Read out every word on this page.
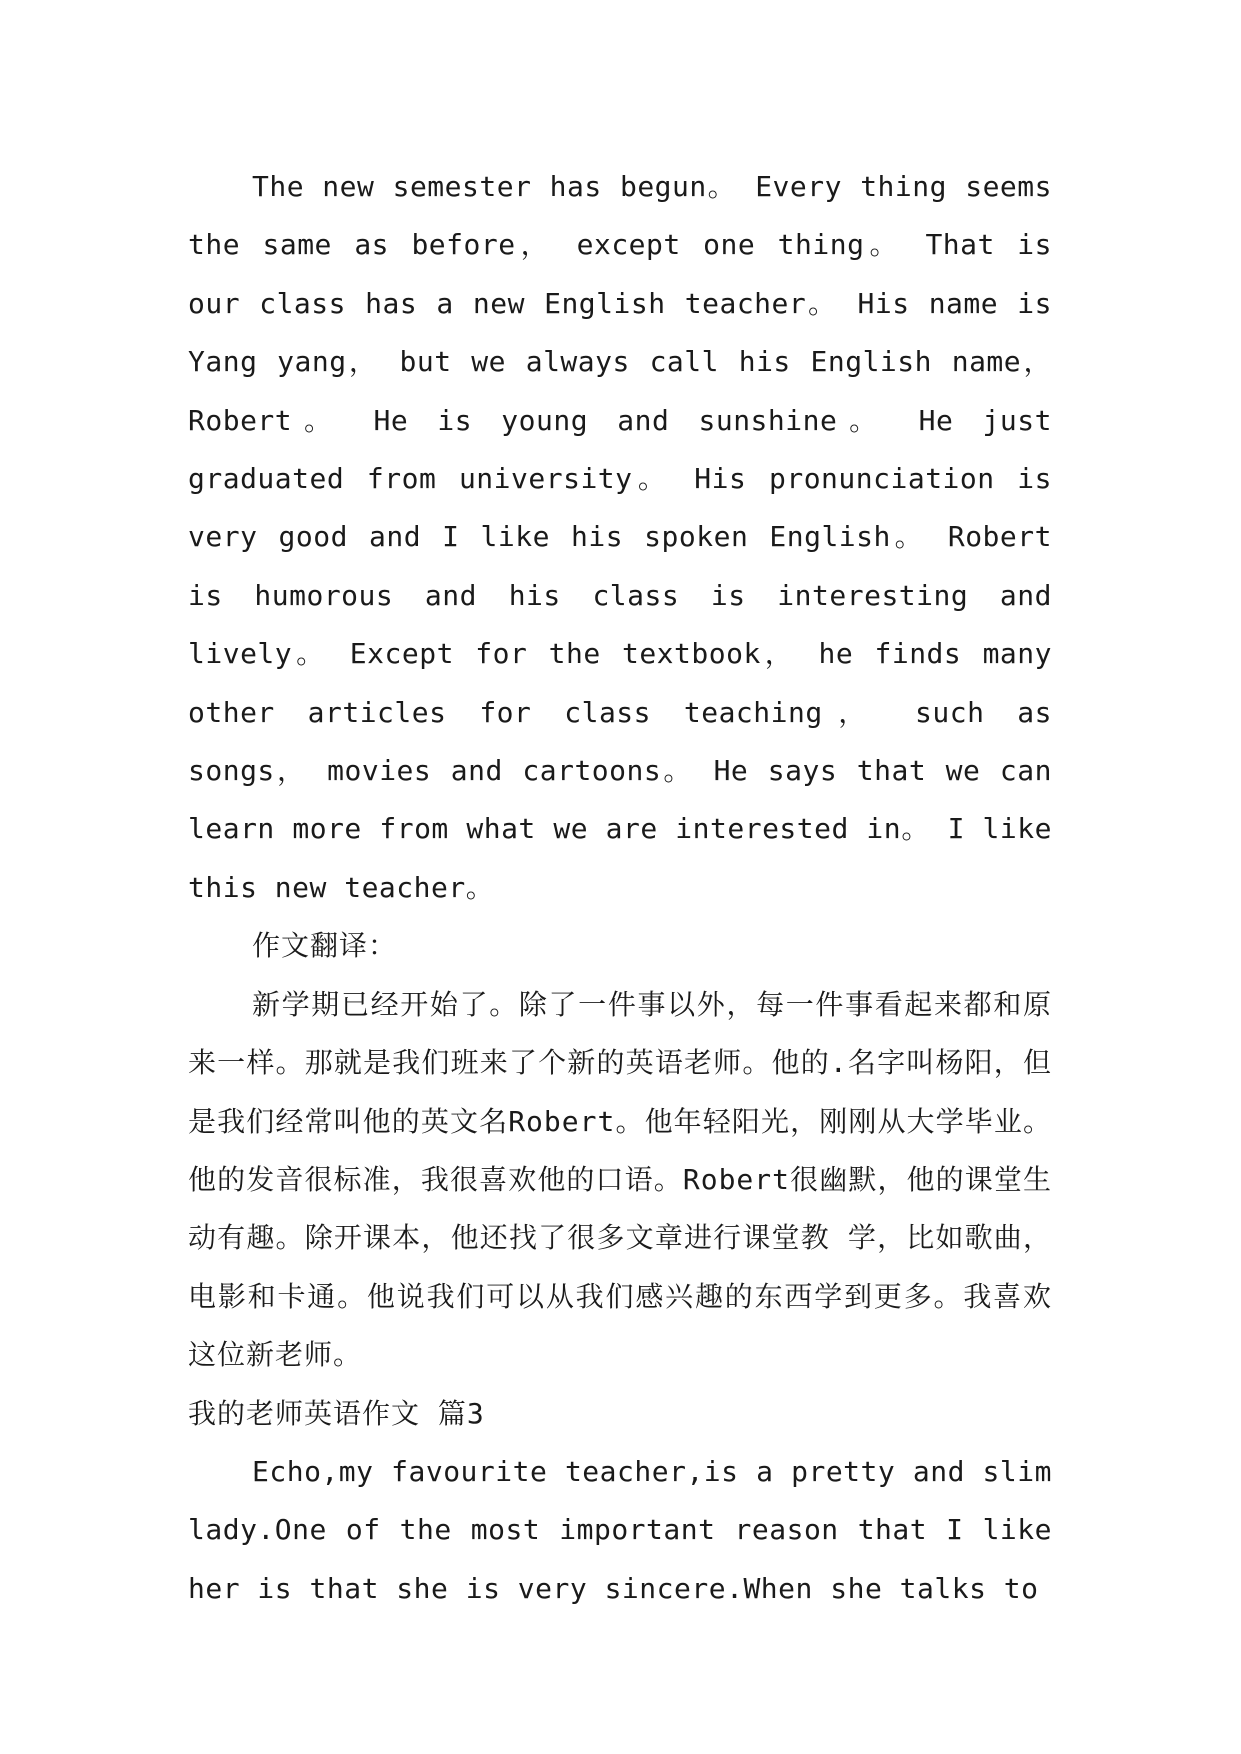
The new semester has begun。 Every thing seems the same as before， except one thing。 That is our class has a new English teacher。 His name is Yang yang， but we always call his English name， Robert。 He is young and sunshine。 He just graduated from university。 His pronunciation is very good and I like his spoken English。 Robert is humorous and his class is interesting and lively。 Except for the textbook， he finds many other articles for class teaching， such as songs， movies and cartoons。 He says that we can learn more from what we are interested in。 I like this new teacher。

作文翻译：

新学期已经开始了。除了一件事以外，每一件事看起来都和原来一样。那就是我们班来了个新的英语老师。他的.名字叫杨阳，但是我们经常叫他的英文名Robert。他年轻阳光，刚刚从大学毕业。他的发音很标准，我很喜欢他的口语。Robert很幽默，他的课堂生动有趣。除开课本，他还找了很多文章进行课堂教 学，比如歌曲，电影和卡通。他说我们可以从我们感兴趣的东西学到更多。我喜欢这位新老师。

我的老师英语作文 篇3

Echo,my favourite teacher,is a pretty and slim lady.One of the most important reason that I like her is that she is very sincere.When she talks to
